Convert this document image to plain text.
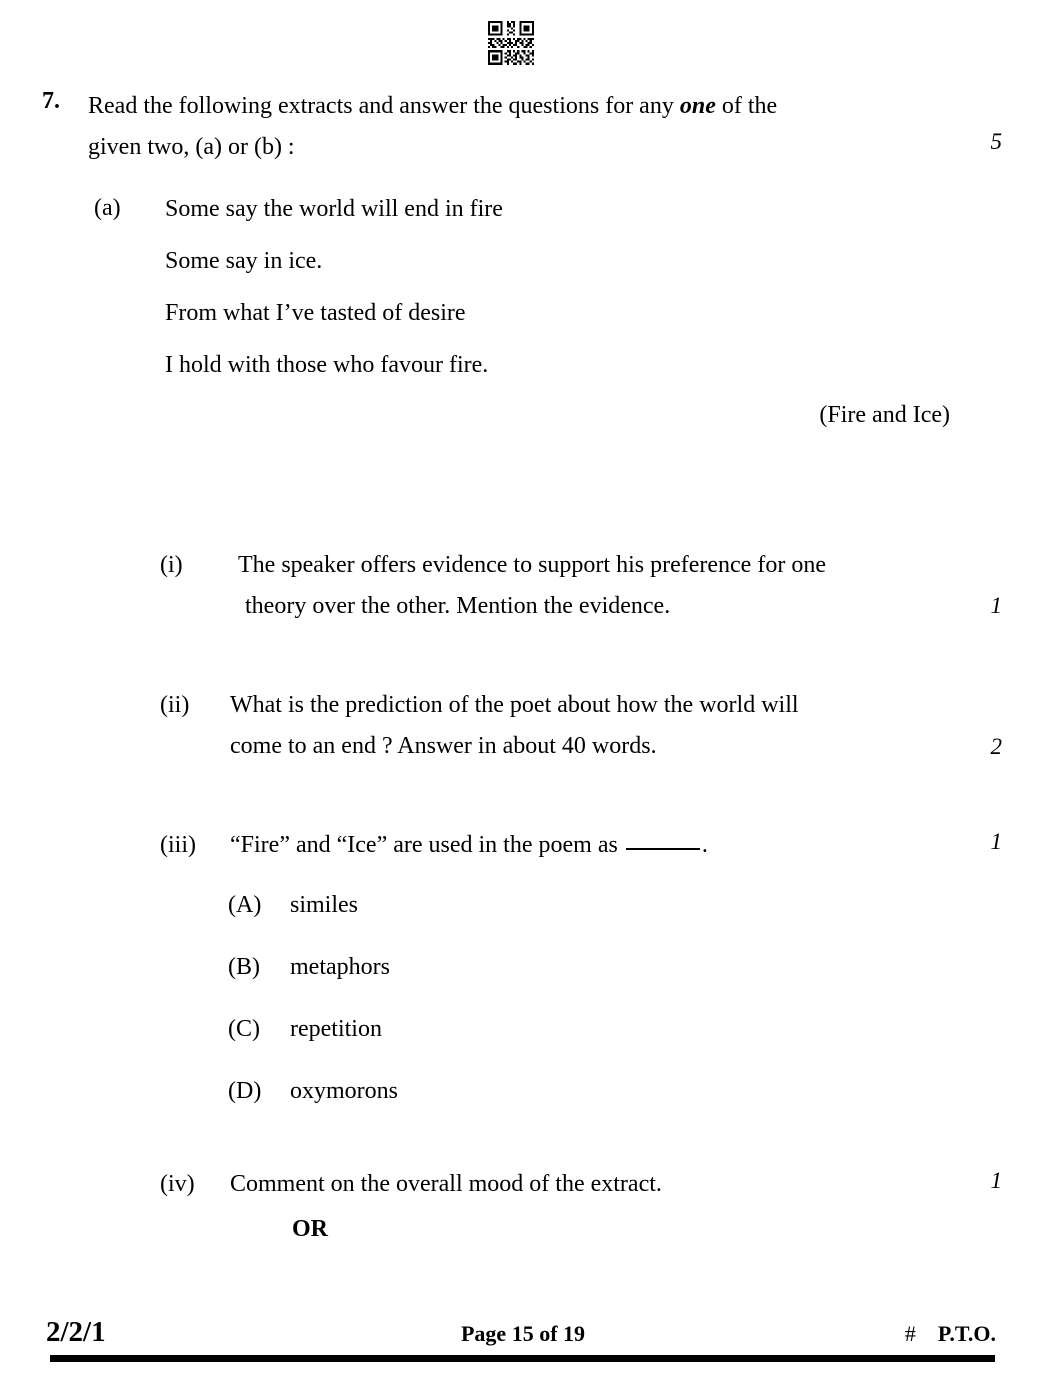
7. Read the following extracts and answer the questions for any one of the
given two, (a) or (b) :	5
(a) Some say the world will end in fire
Some say in ice.
From what I’ve tasted of desire
I hold with those who favour fire.
(Fire and Ice)
(i)	The speaker offers evidence to support his preference for one
theory over the other. Mention the evidence.	1
(ii)	What is the prediction of the poet about how the world will
come to an end ? Answer in about 40 words.	2
(iii)	“Fire” and “Ice” are used in the poem as	.	1
(A) similes
(B) metaphors
(C) repetition
(D) oxymorons
(iv)	Comment on the overall mood of the extract.	1
OR
2/2/1	Page 15 of 19	# P.T.O.
